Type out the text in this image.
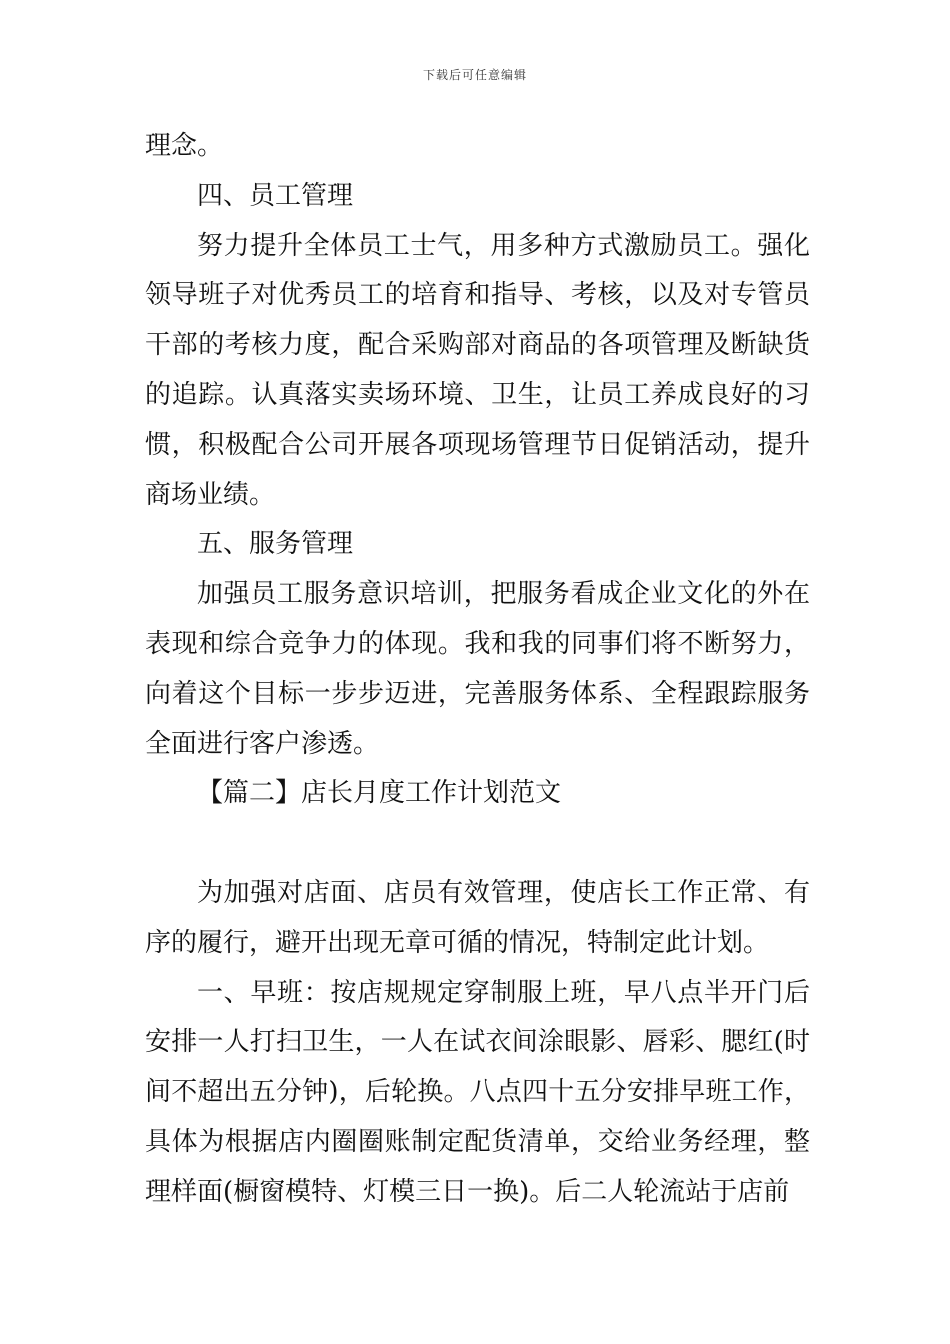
下载后可任意编辑

理念。

四、员工管理

努力提升全体员工士气，用多种方式激励员工。强化领导班子对优秀员工的培育和指导、考核，以及对专管员干部的考核力度，配合采购部对商品的各项管理及断缺货的追踪。认真落实卖场环境、卫生，让员工养成良好的习惯，积极配合公司开展各项现场管理节日促销活动，提升商场业绩。

五、服务管理

加强员工服务意识培训，把服务看成企业文化的外在表现和综合竞争力的体现。我和我的同事们将不断努力，向着这个目标一步步迈进，完善服务体系、全程跟踪服务全面进行客户渗透。

【篇二】店长月度工作计划范文

为加强对店面、店员有效管理，使店长工作正常、有序的履行，避开出现无章可循的情况，特制定此计划。

一、早班：按店规规定穿制服上班，早八点半开门后安排一人打扫卫生，一人在试衣间涂眼影、唇彩、腮红(时间不超出五分钟)，后轮换。八点四十五分安排早班工作，具体为根据店内圈圈账制定配货清单，交给业务经理，整理样面(橱窗模特、灯模三日一换)。后二人轮流站于店前
